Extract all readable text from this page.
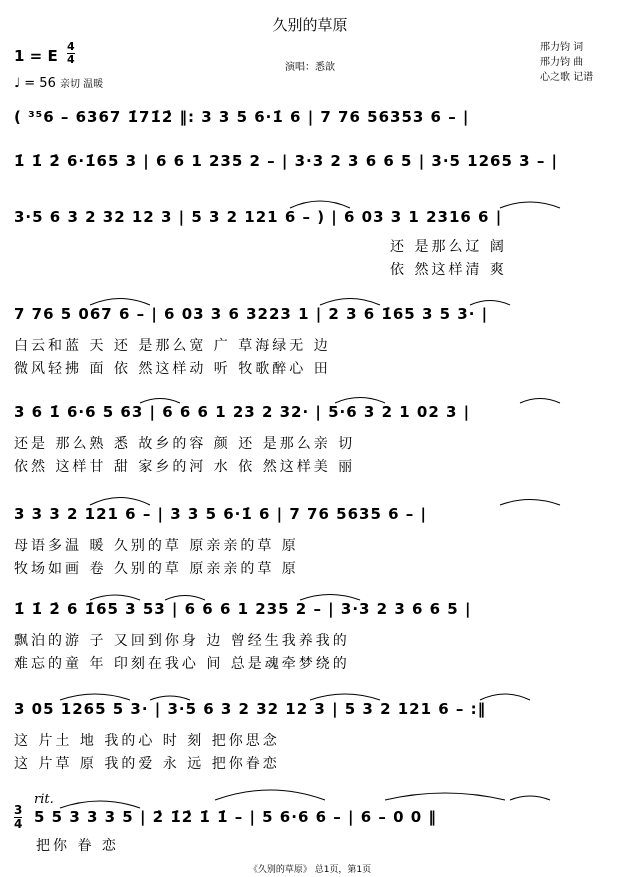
久别的草原
1 = E
4
4
♩ = 56 亲切 温暖
演唱：悉歆
邢力钧 词
邢力钧 曲
心之歌 记谱
( ³⁵6 – 6367 1̇71̇2̇ ‖: 3 3 5 6·1̇ 6 | 7 76 56353 6 – |
1̇ 1̇ 2̇ 6·1̇65 3 | 6 6 1 235 2 – | 3·3 2 3 6 6 5 | 3·5 1265 3 – |
3·5 6 3 2 32 12 3 | 5 3 2 121 6 – ) | 6 03 3 1 2316 6 |
还 是那么辽 阔
依 然这样清 爽
7 76 5 067 6 – | 6 03 3 6 3223 1 | 2 3 6 1̇65 3 5 3· |
白云和蓝 天 还 是那么宽 广 草海绿无 边
微风轻拂 面 依 然这样动 听 牧歌醉心 田
3 6 1̇ 6·6 5 63 | 6 6 6 1 23 2 32· | 5·6 3 2 1 02 3 |
还是 那么熟 悉 故乡的容 颜 还 是那么亲 切
依然 这样甘 甜 家乡的河 水 依 然这样美 丽
3 3 3 2 121 6 – | 3 3 5 6·1̇ 6 | 7 76 5635 6 – |
母语多温 暖 久别的草 原亲亲的草 原
牧场如画 卷 久别的草 原亲亲的草 原
1̇ 1̇ 2̇ 6 1̇65 3 53 | 6 6 6 1 235 2 – | 3·3 2 3 6 6 5 |
飘泊的游 子 又回到你身 边 曾经生我养我的
难忘的童 年 印刻在我心 间 总是魂牵梦绕的
3 05 1265 5 3· | 3·5 6 3 2 32 12 3 | 5 3 2 121 6 – :‖
这 片土 地 我的心 时 刻 把你思念
这 片草 原 我的爱 永 远 把你眷恋
rit.
3
4 5 5 3 3 3 5 | 2̇ 1̇2̇ 1̇ 1̇ – | 5 6·6 6 – | 6 – 0 0 ‖
把你 眷 恋
《久别的草原》 总1页，第1页
